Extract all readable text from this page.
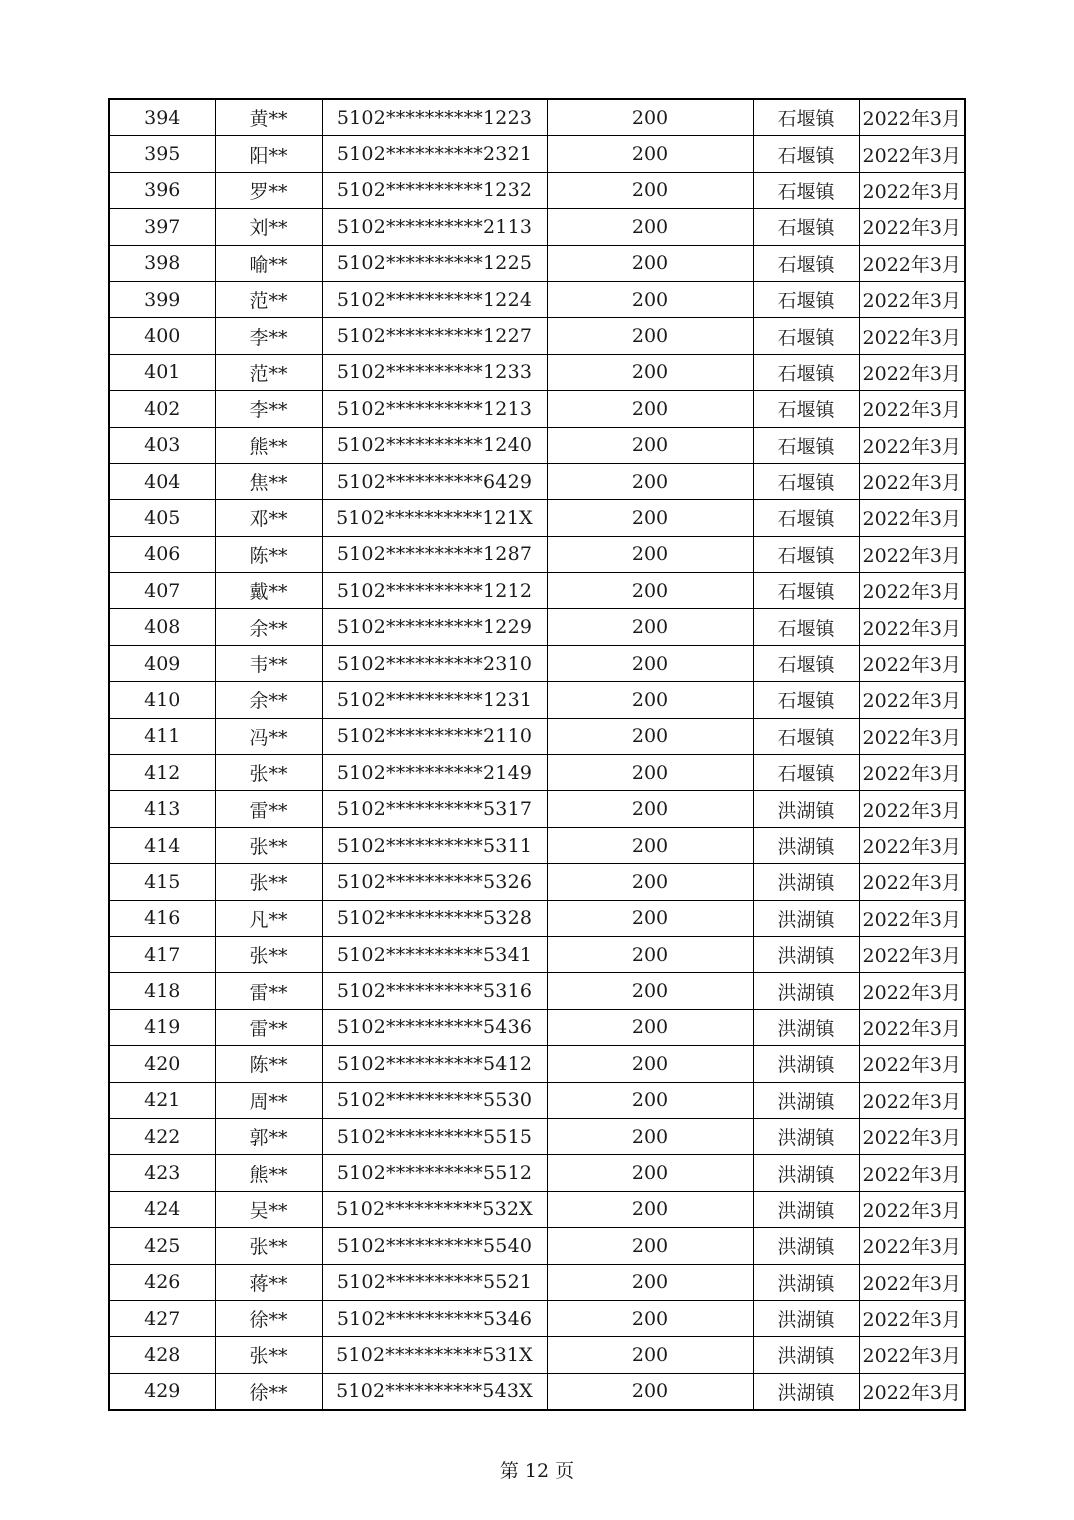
394	黄**	5102**********1223	200	石堰镇	2022年3月
395	阳**	5102**********2321	200	石堰镇	2022年3月
396	罗**	5102**********1232	200	石堰镇	2022年3月
397	刘**	5102**********2113	200	石堰镇	2022年3月
398	喻**	5102**********1225	200	石堰镇	2022年3月
399	范**	5102**********1224	200	石堰镇	2022年3月
400	李**	5102**********1227	200	石堰镇	2022年3月
401	范**	5102**********1233	200	石堰镇	2022年3月
402	李**	5102**********1213	200	石堰镇	2022年3月
403	熊**	5102**********1240	200	石堰镇	2022年3月
404	焦**	5102**********6429	200	石堰镇	2022年3月
405	邓**	5102**********121X	200	石堰镇	2022年3月
406	陈**	5102**********1287	200	石堰镇	2022年3月
407	戴**	5102**********1212	200	石堰镇	2022年3月
408	余**	5102**********1229	200	石堰镇	2022年3月
409	韦**	5102**********2310	200	石堰镇	2022年3月
410	余**	5102**********1231	200	石堰镇	2022年3月
411	冯**	5102**********2110	200	石堰镇	2022年3月
412	张**	5102**********2149	200	石堰镇	2022年3月
413	雷**	5102**********5317	200	洪湖镇	2022年3月
414	张**	5102**********5311	200	洪湖镇	2022年3月
415	张**	5102**********5326	200	洪湖镇	2022年3月
416	凡**	5102**********5328	200	洪湖镇	2022年3月
417	张**	5102**********5341	200	洪湖镇	2022年3月
418	雷**	5102**********5316	200	洪湖镇	2022年3月
419	雷**	5102**********5436	200	洪湖镇	2022年3月
420	陈**	5102**********5412	200	洪湖镇	2022年3月
421	周**	5102**********5530	200	洪湖镇	2022年3月
422	郭**	5102**********5515	200	洪湖镇	2022年3月
423	熊**	5102**********5512	200	洪湖镇	2022年3月
424	吴**	5102**********532X	200	洪湖镇	2022年3月
425	张**	5102**********5540	200	洪湖镇	2022年3月
426	蒋**	5102**********5521	200	洪湖镇	2022年3月
427	徐**	5102**********5346	200	洪湖镇	2022年3月
428	张**	5102**********531X	200	洪湖镇	2022年3月
429	徐**	5102**********543X	200	洪湖镇	2022年3月
第 12 页
